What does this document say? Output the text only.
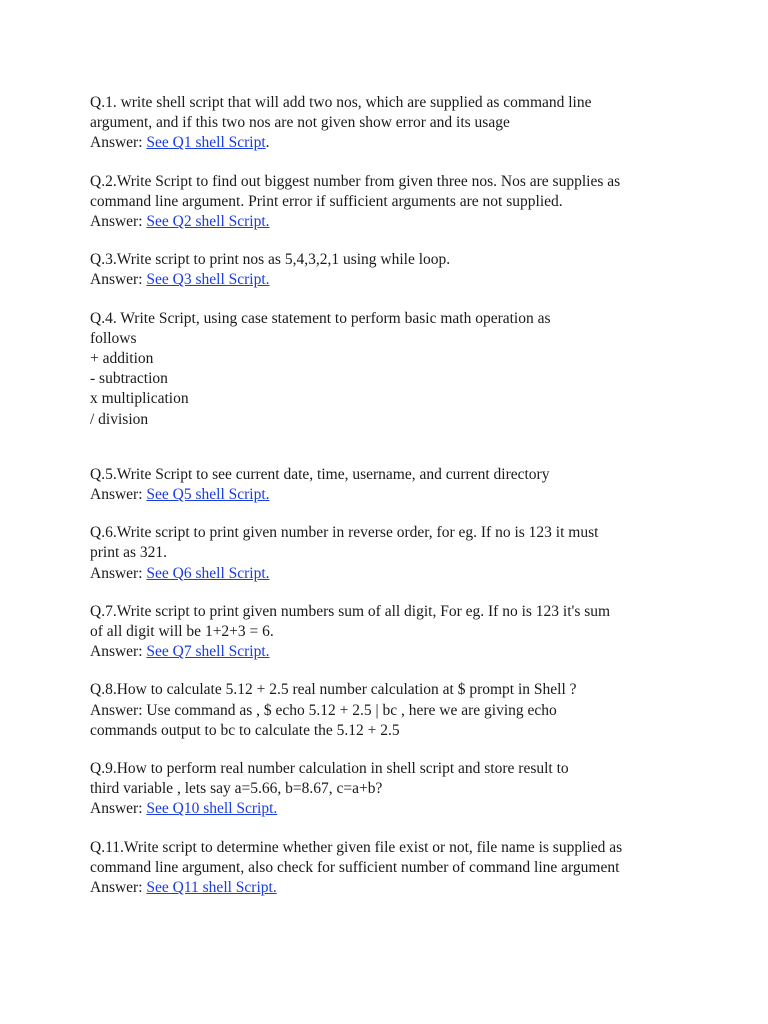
Q.1. write shell script that will add two nos, which are supplied as command line
argument, and if this two nos are not given show error and its usage
Answer: See Q1 shell Script.
Q.2.Write Script to find out biggest number from given three nos. Nos are supplies as
command line argument. Print error if sufficient arguments are not supplied.
Answer: See Q2 shell Script.
Q.3.Write script to print nos as 5,4,3,2,1 using while loop.
Answer: See Q3 shell Script.
Q.4. Write Script, using case statement to perform basic math operation as
follows
+ addition
- subtraction
x multiplication
/ division
Q.5.Write Script to see current date, time, username, and current directory
Answer: See Q5 shell Script.
Q.6.Write script to print given number in reverse order, for eg. If no is 123 it must
print as 321.
Answer: See Q6 shell Script.
Q.7.Write script to print given numbers sum of all digit, For eg. If no is 123 it's sum
of all digit will be 1+2+3 = 6.
Answer: See Q7 shell Script.
Q.8.How to calculate 5.12 + 2.5 real number calculation at $ prompt in Shell ?
Answer: Use command as , $ echo 5.12 + 2.5 | bc , here we are giving echo
commands output to bc to calculate the 5.12 + 2.5
Q.9.How to perform real number calculation in shell script and store result to
third variable , lets say a=5.66, b=8.67, c=a+b?
Answer: See Q10 shell Script.
Q.11.Write script to determine whether given file exist or not, file name is supplied as
command line argument, also check for sufficient number of command line argument
Answer: See Q11 shell Script.
